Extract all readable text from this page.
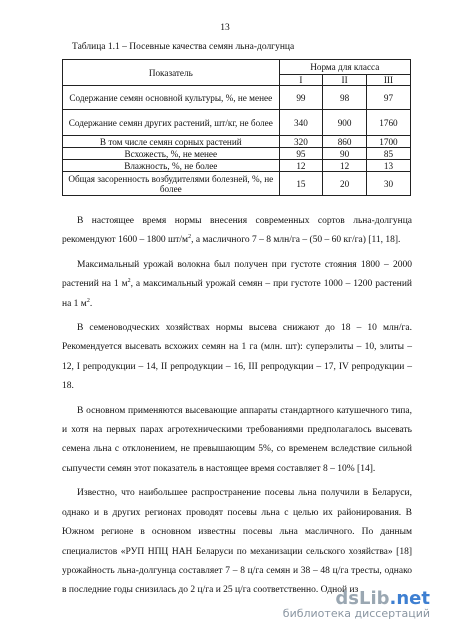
13
Таблица 1.1 – Посевные качества семян льна-долгунца
Показатель	Норма для класса		
	I	II	III
Содержание семян основной культуры, %, не менее	99	98	97
Содержание семян других растений, шт/кг, не более	340	900	1760
В том числе семян сорных растений	320	860	1700
Всхожесть, %, не менее	95	90	85
Влажность, %, не более	12	12	13
Общая засоренность возбудителями болезней, %, не более	15	20	30

В настоящее время нормы внесения современных сортов льна-долгунца рекомендуют 1600 – 1800 $шт/м^2$, а масличного 7 – 8 млн/га – (50 – 60 кг/га) [11, 18].

Максимальный урожай волокна был получен при густоте стояния 1800 – 2000 растений на 1 $м^2$, а максимальный урожай семян – при густоте 1000 – 1200 растений на 1 $м^2$.

В семеноводческих хозяйствах нормы высева снижают до 18 – 10 млн/га. Рекомендуется высевать всхожих семян на 1 га (млн. шт): суперэлиты – 10, элиты – 12, I репродукции – 14, II репродукции – 16, III репродукции – 17, IV репродукции – 18.

В основном применяются высевающие аппараты стандартного катушечного типа, и хотя на первых парах агротехническими требованиями предполагалось высевать семена льна с отклонением, не превышающим 5%, со временем вследствие сильной сыпучести семян этот показатель в настоящее время составляет 8 – 10% [14].

Известно, что наибольшее распространение посевы льна получили в Беларуси, однако и в других регионах проводят посевы льна с целью их районирования. В Южном регионе в основном известны посевы льна масличного. По данным специалистов «РУП НПЦ НАН Беларуси по механизации сельского хозяйства» [18] урожайность льна-долгунца составляет 7 – 8 ц/га семян и 38 – 48 ц/га тресты, однако в последние годы снизилась до 2 ц/га и 25 ц/га соответственно. Одной из

dsLib.net
библиотека диссертаций
